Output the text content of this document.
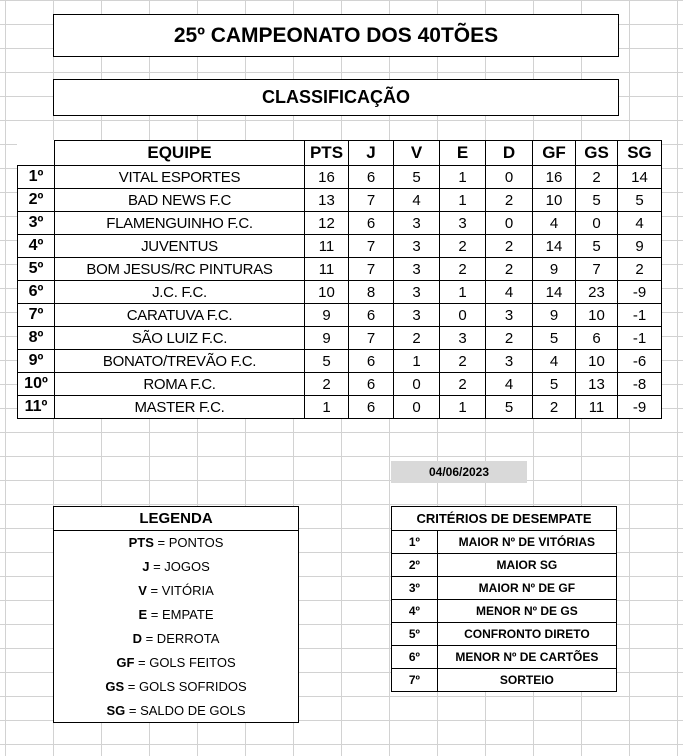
25º CAMPEONATO DOS 40TÕES
CLASSIFICAÇÃO
	EQUIPE	PTS	J	V	E	D	GF	GS	SG
1º	VITAL ESPORTES	16	6	5	1	0	16	2	14
2º	BAD NEWS F.C	13	7	4	1	2	10	5	5
3º	FLAMENGUINHO F.C.	12	6	3	3	0	4	0	4
4º	JUVENTUS	11	7	3	2	2	14	5	9
5º	BOM JESUS/RC PINTURAS	11	7	3	2	2	9	7	2
6º	J.C. F.C.	10	8	3	1	4	14	23	-9
7º	CARATUVA F.C.	9	6	3	0	3	9	10	-1
8º	SÃO LUIZ F.C.	9	7	2	3	2	5	6	-1
9º	BONATO/TREVÃO F.C.	5	6	1	2	3	4	10	-6
10º	ROMA F.C.	2	6	0	2	4	5	13	-8
11º	MASTER F.C.	1	6	0	1	5	2	11	-9
04/06/2023
LEGENDA
PTS = PONTOS
J = JOGOS
V = VITÓRIA
E = EMPATE
D = DERROTA
GF = GOLS FEITOS
GS = GOLS SOFRIDOS
SG = SALDO DE GOLS
CRITÉRIOS DE DESEMPATE	
1º	MAIOR Nº DE VITÓRIAS
2º	MAIOR SG
3º	MAIOR Nº DE GF
4º	MENOR Nº DE GS
5º	CONFRONTO DIRETO
6º	MENOR Nº DE CARTÕES
7º	SORTEIO
